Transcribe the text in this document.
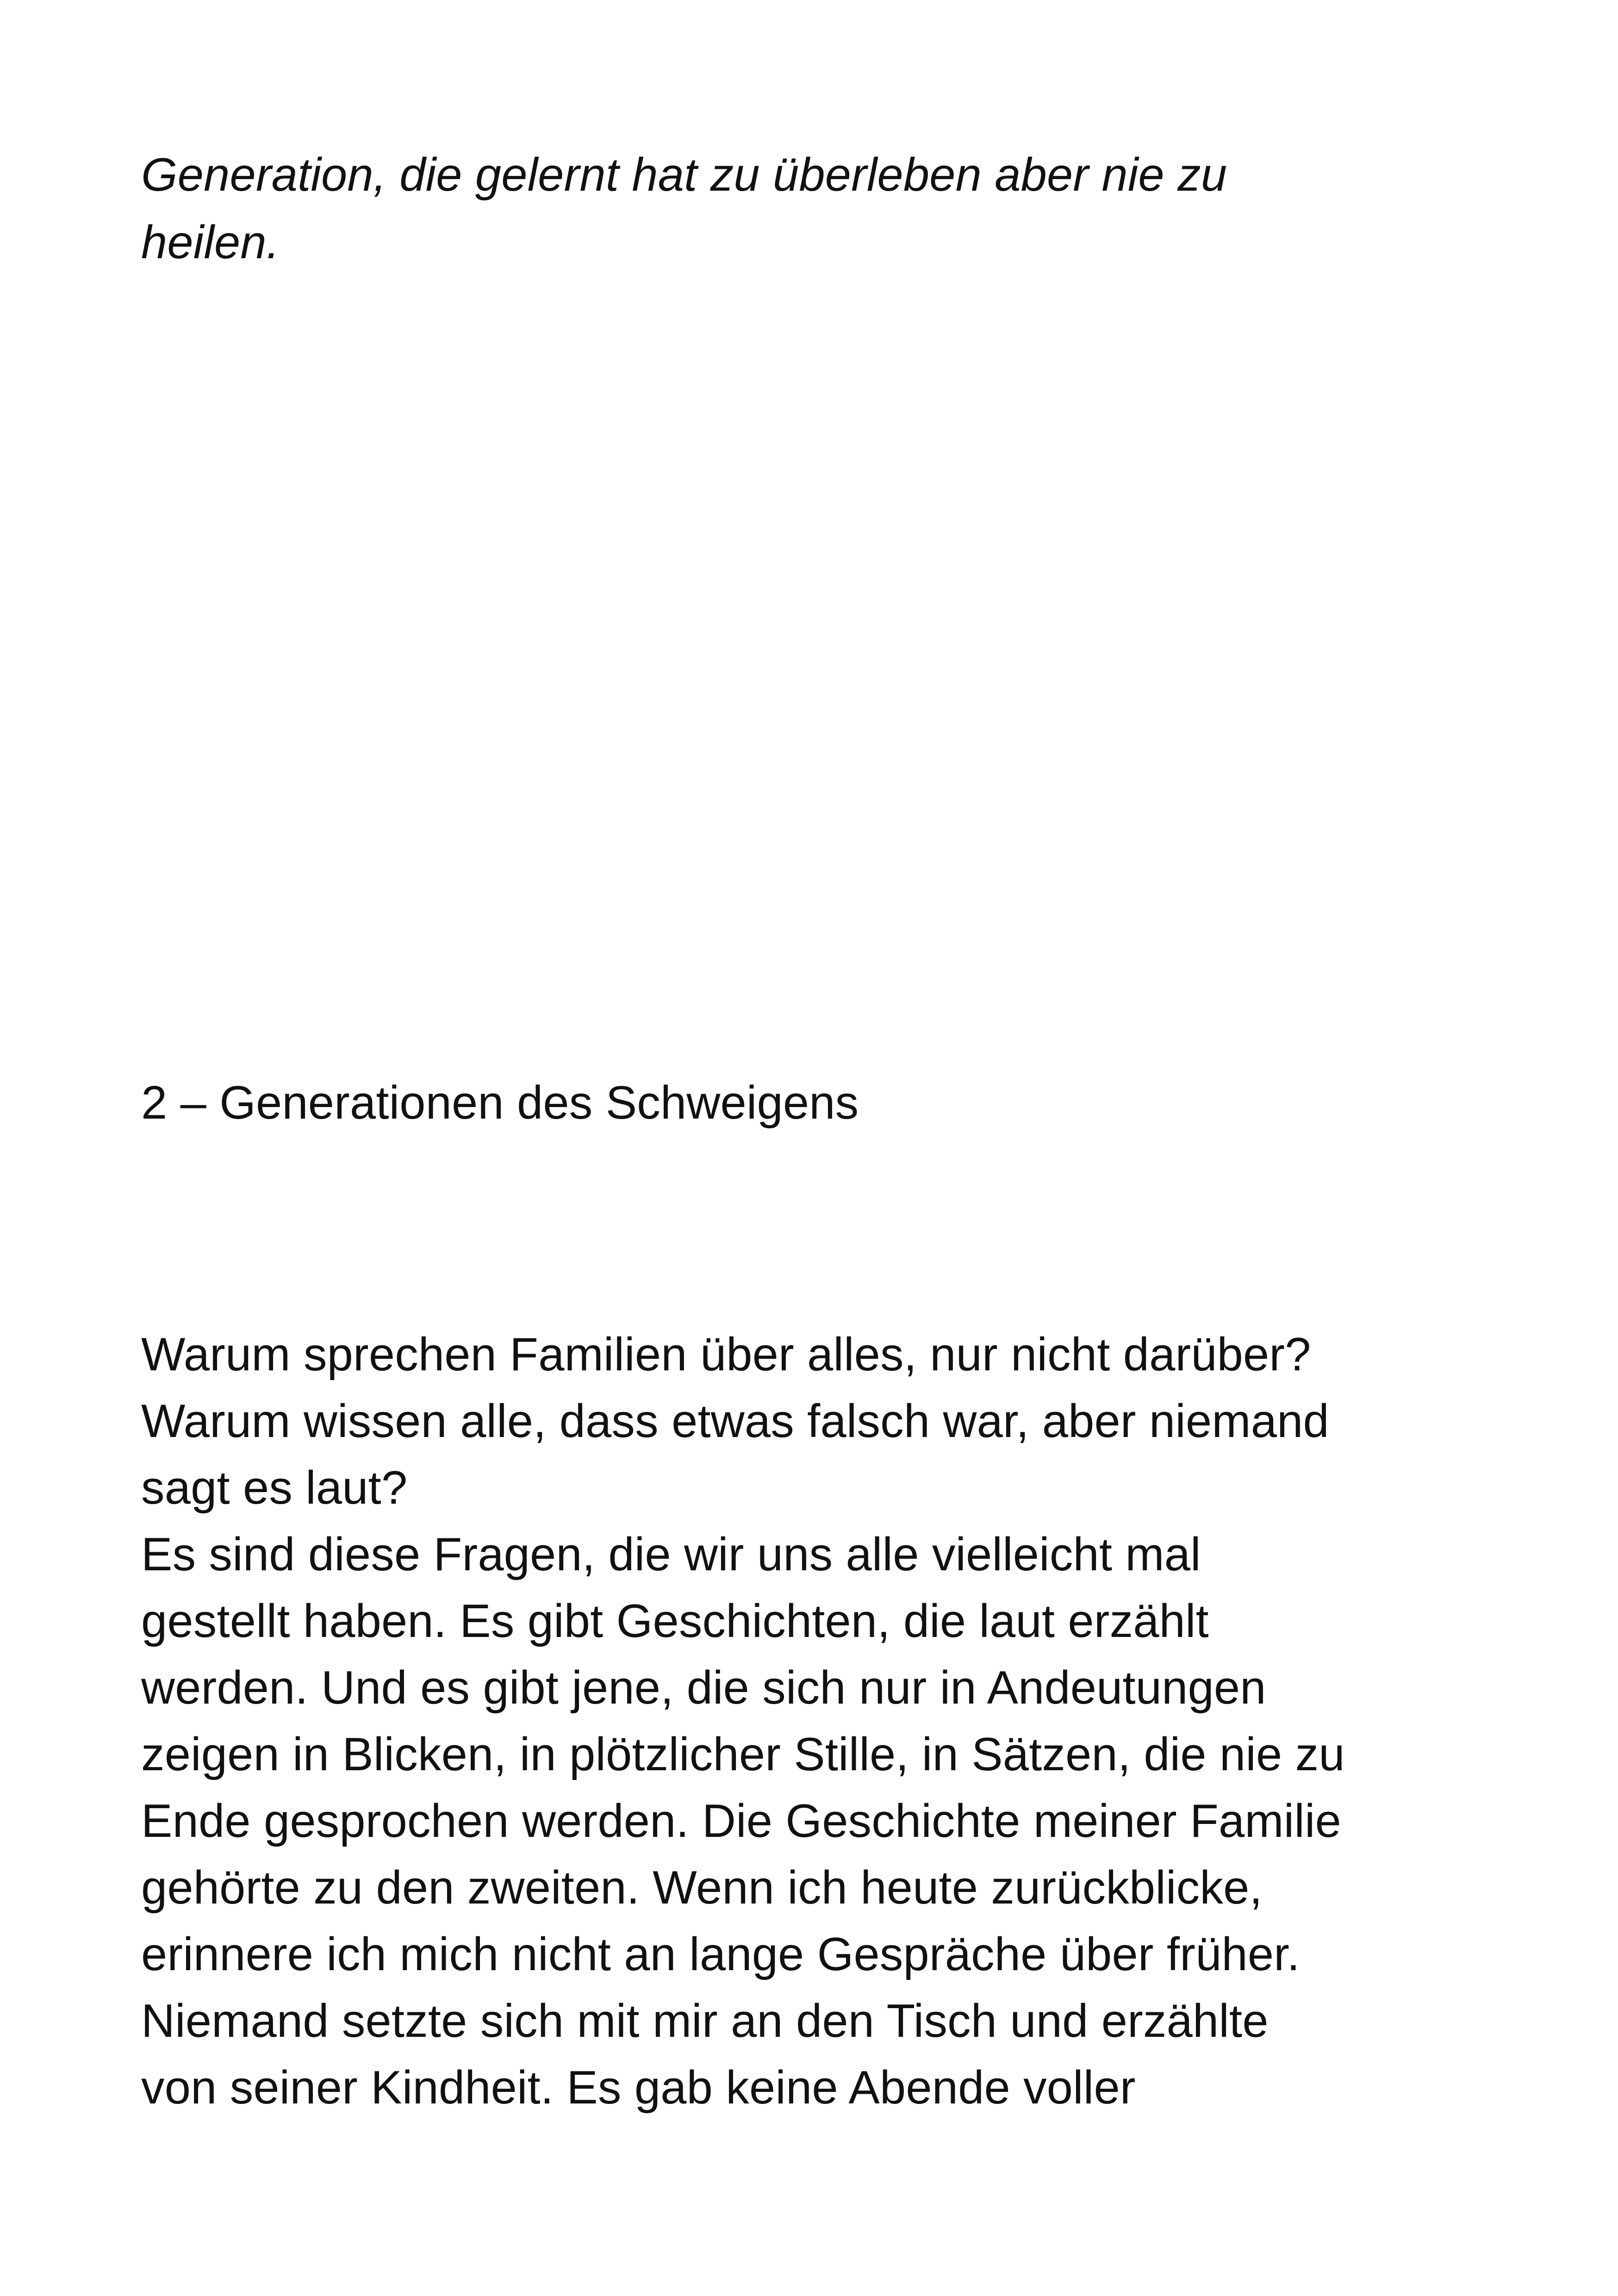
Generation, die gelernt hat zu überleben aber nie zu

heilen.

2 – Generationen des Schweigens

Warum sprechen Familien über alles, nur nicht darüber?

Warum wissen alle, dass etwas falsch war, aber niemand

sagt es laut?

Es sind diese Fragen, die wir uns alle vielleicht mal

gestellt haben. Es gibt Geschichten, die laut erzählt

werden. Und es gibt jene, die sich nur in Andeutungen

zeigen in Blicken, in plötzlicher Stille, in Sätzen, die nie zu

Ende gesprochen werden. Die Geschichte meiner Familie

gehörte zu den zweiten. Wenn ich heute zurückblicke,

erinnere ich mich nicht an lange Gespräche über früher.

Niemand setzte sich mit mir an den Tisch und erzählte

von seiner Kindheit. Es gab keine Abende voller
